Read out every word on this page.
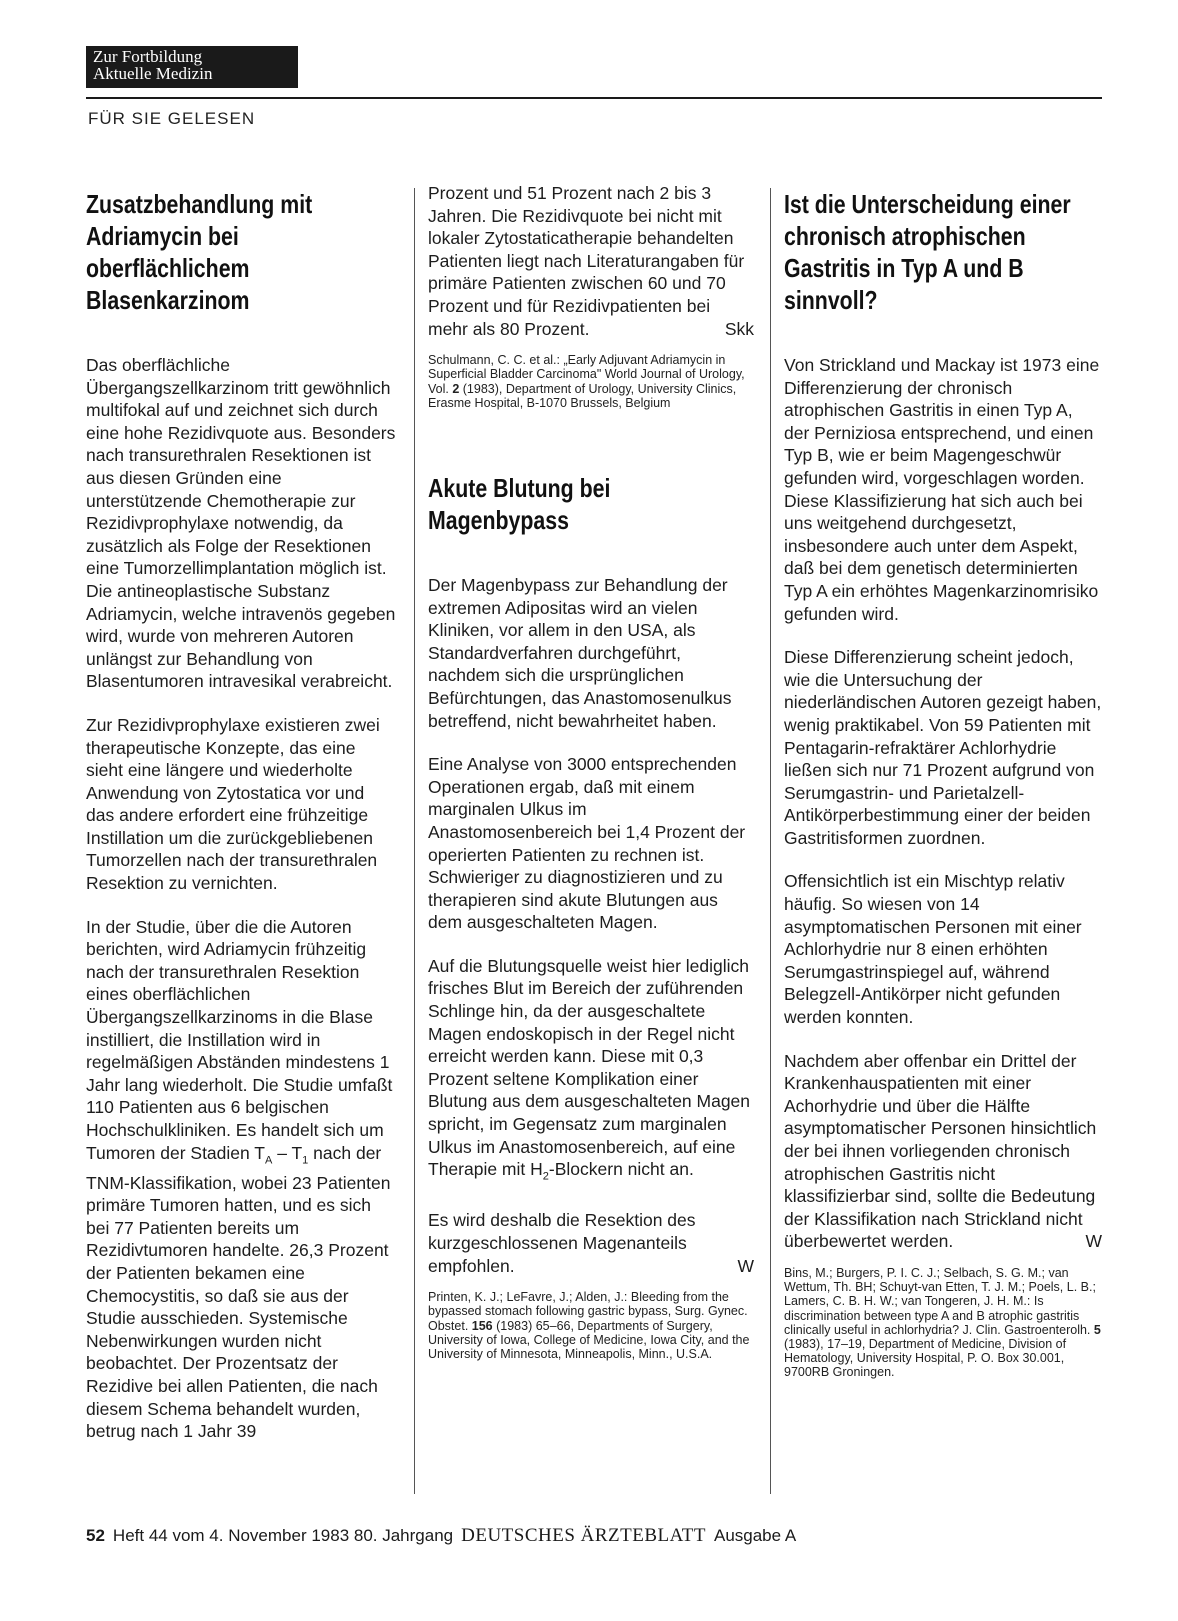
Zur Fortbildung
Aktuelle Medizin
FÜR SIE GELESEN
Zusatzbehandlung mit Adriamycin bei oberflächlichem Blasenkarzinom

Das oberflächliche Übergangszellkarzinom tritt gewöhnlich multifokal auf und zeichnet sich durch eine hohe Rezidivquote aus. Besonders nach transurethralen Resektionen ist aus diesen Gründen eine unterstützende Chemotherapie zur Rezidivprophylaxe notwendig, da zusätzlich als Folge der Resektionen eine Tumorzellimplantation möglich ist. Die antineoplastische Substanz Adriamycin, welche intravenös gegeben wird, wurde von mehreren Autoren unlängst zur Behandlung von Blasentumoren intravesikal verabreicht.

Zur Rezidivprophylaxe existieren zwei therapeutische Konzepte, das eine sieht eine längere und wiederholte Anwendung von Zytostatica vor und das andere erfordert eine frühzeitige Instillation um die zurückgebliebenen Tumorzellen nach der transurethralen Resektion zu vernichten.

In der Studie, über die die Autoren berichten, wird Adriamycin frühzeitig nach der transurethralen Resektion eines oberflächlichen Übergangszellkarzinoms in die Blase instilliert, die Instillation wird in regelmäßigen Abständen mindestens 1 Jahr lang wiederholt. Die Studie umfaßt 110 Patienten aus 6 belgischen Hochschulkliniken. Es handelt sich um Tumoren der Stadien $T_A - T_1$ nach der TNM-Klassifikation, wobei 23 Patienten primäre Tumoren hatten, und es sich bei 77 Patienten bereits um Rezidivtumoren handelte. 26,3 Prozent der Patienten bekamen eine Chemocystitis, so daß sie aus der Studie ausschieden. Systemische Nebenwirkungen wurden nicht beobachtet. Der Prozentsatz der Rezidive bei allen Patienten, die nach diesem Schema behandelt wurden, betrug nach 1 Jahr 39

Prozent und 51 Prozent nach 2 bis 3 Jahren. Die Rezidivquote bei nicht mit lokaler Zytostaticatherapie behandelten Patienten liegt nach Literaturangaben für primäre Patienten zwischen 60 und 70 Prozent und für Rezidivpatienten bei mehr als 80 Prozent.	Skk

Schulmann, C. C. et al.: „Early Adjuvant Adriamycin in Superficial Bladder Carcinoma" World Journal of Urology, Vol. 2 (1983), Department of Urology, University Clinics, Erasme Hospital, B-1070 Brussels, Belgium
Akute Blutung bei Magenbypass

Der Magenbypass zur Behandlung der extremen Adipositas wird an vielen Kliniken, vor allem in den USA, als Standardverfahren durchgeführt, nachdem sich die ursprünglichen Befürchtungen, das Anastomosenulkus betreffend, nicht bewahrheitet haben.

Eine Analyse von 3000 entsprechenden Operationen ergab, daß mit einem marginalen Ulkus im Anastomosenbereich bei 1,4 Prozent der operierten Patienten zu rechnen ist. Schwieriger zu diagnostizieren und zu therapieren sind akute Blutungen aus dem ausgeschalteten Magen.

Auf die Blutungsquelle weist hier lediglich frisches Blut im Bereich der zuführenden Schlinge hin, da der ausgeschaltete Magen endoskopisch in der Regel nicht erreicht werden kann. Diese mit 0,3 Prozent seltene Komplikation einer Blutung aus dem ausgeschalteten Magen spricht, im Gegensatz zum marginalen Ulkus im Anastomosenbereich, auf eine Therapie mit $H_2$-Blockern nicht an.

Es wird deshalb die Resektion des kurzgeschlossenen Magenanteils empfohlen.	W

Printen, K. J.; LeFavre, J.; Alden, J.: Bleeding from the bypassed stomach following gastric bypass, Surg. Gynec. Obstet. 156 (1983) 65–66, Departments of Surgery, University of Iowa, College of Medicine, Iowa City, and the University of Minnesota, Minneapolis, Minn., U.S.A.
Ist die Unterscheidung einer chronisch atrophischen Gastritis in Typ A und B sinnvoll?

Von Strickland und Mackay ist 1973 eine Differenzierung der chronisch atrophischen Gastritis in einen Typ A, der Perniziosa entsprechend, und einen Typ B, wie er beim Magengeschwür gefunden wird, vorgeschlagen worden. Diese Klassifizierung hat sich auch bei uns weitgehend durchgesetzt, insbesondere auch unter dem Aspekt, daß bei dem genetisch determinierten Typ A ein erhöhtes Magenkarzinomrisiko gefunden wird.

Diese Differenzierung scheint jedoch, wie die Untersuchung der niederländischen Autoren gezeigt haben, wenig praktikabel. Von 59 Patienten mit Pentagarin-refraktärer Achlorhydrie ließen sich nur 71 Prozent aufgrund von Serumgastrin- und Parietalzell-Antikörperbestimmung einer der beiden Gastritisformen zuordnen.

Offensichtlich ist ein Mischtyp relativ häufig. So wiesen von 14 asymptomatischen Personen mit einer Achlorhydrie nur 8 einen erhöhten Serumgastrinspiegel auf, während Belegzell-Antikörper nicht gefunden werden konnten.

Nachdem aber offenbar ein Drittel der Krankenhauspatienten mit einer Achorhydrie und über die Hälfte asymptomatischer Personen hinsichtlich der bei ihnen vorliegenden chronisch atrophischen Gastritis nicht klassifizierbar sind, sollte die Bedeutung der Klassifikation nach Strickland nicht überbewertet werden.	W

Bins, M.; Burgers, P. I. C. J.; Selbach, S. G. M.; van Wettum, Th. BH; Schuyt-van Etten, T. J. M.; Poels, L. B.; Lamers, C. B. H. W.; van Tongeren, J. H. M.: Is discrimination between type A and B atrophic gastritis clinically useful in achlorhydria? J. Clin. Gastroenterolh. 5 (1983), 17–19, Department of Medicine, Division of Hematology, University Hospital, P. O. Box 30.001, 9700RB Groningen.
52 Heft 44 vom 4. November 1983 80. Jahrgang DEUTSCHES ÄRZTEBLATT Ausgabe A
